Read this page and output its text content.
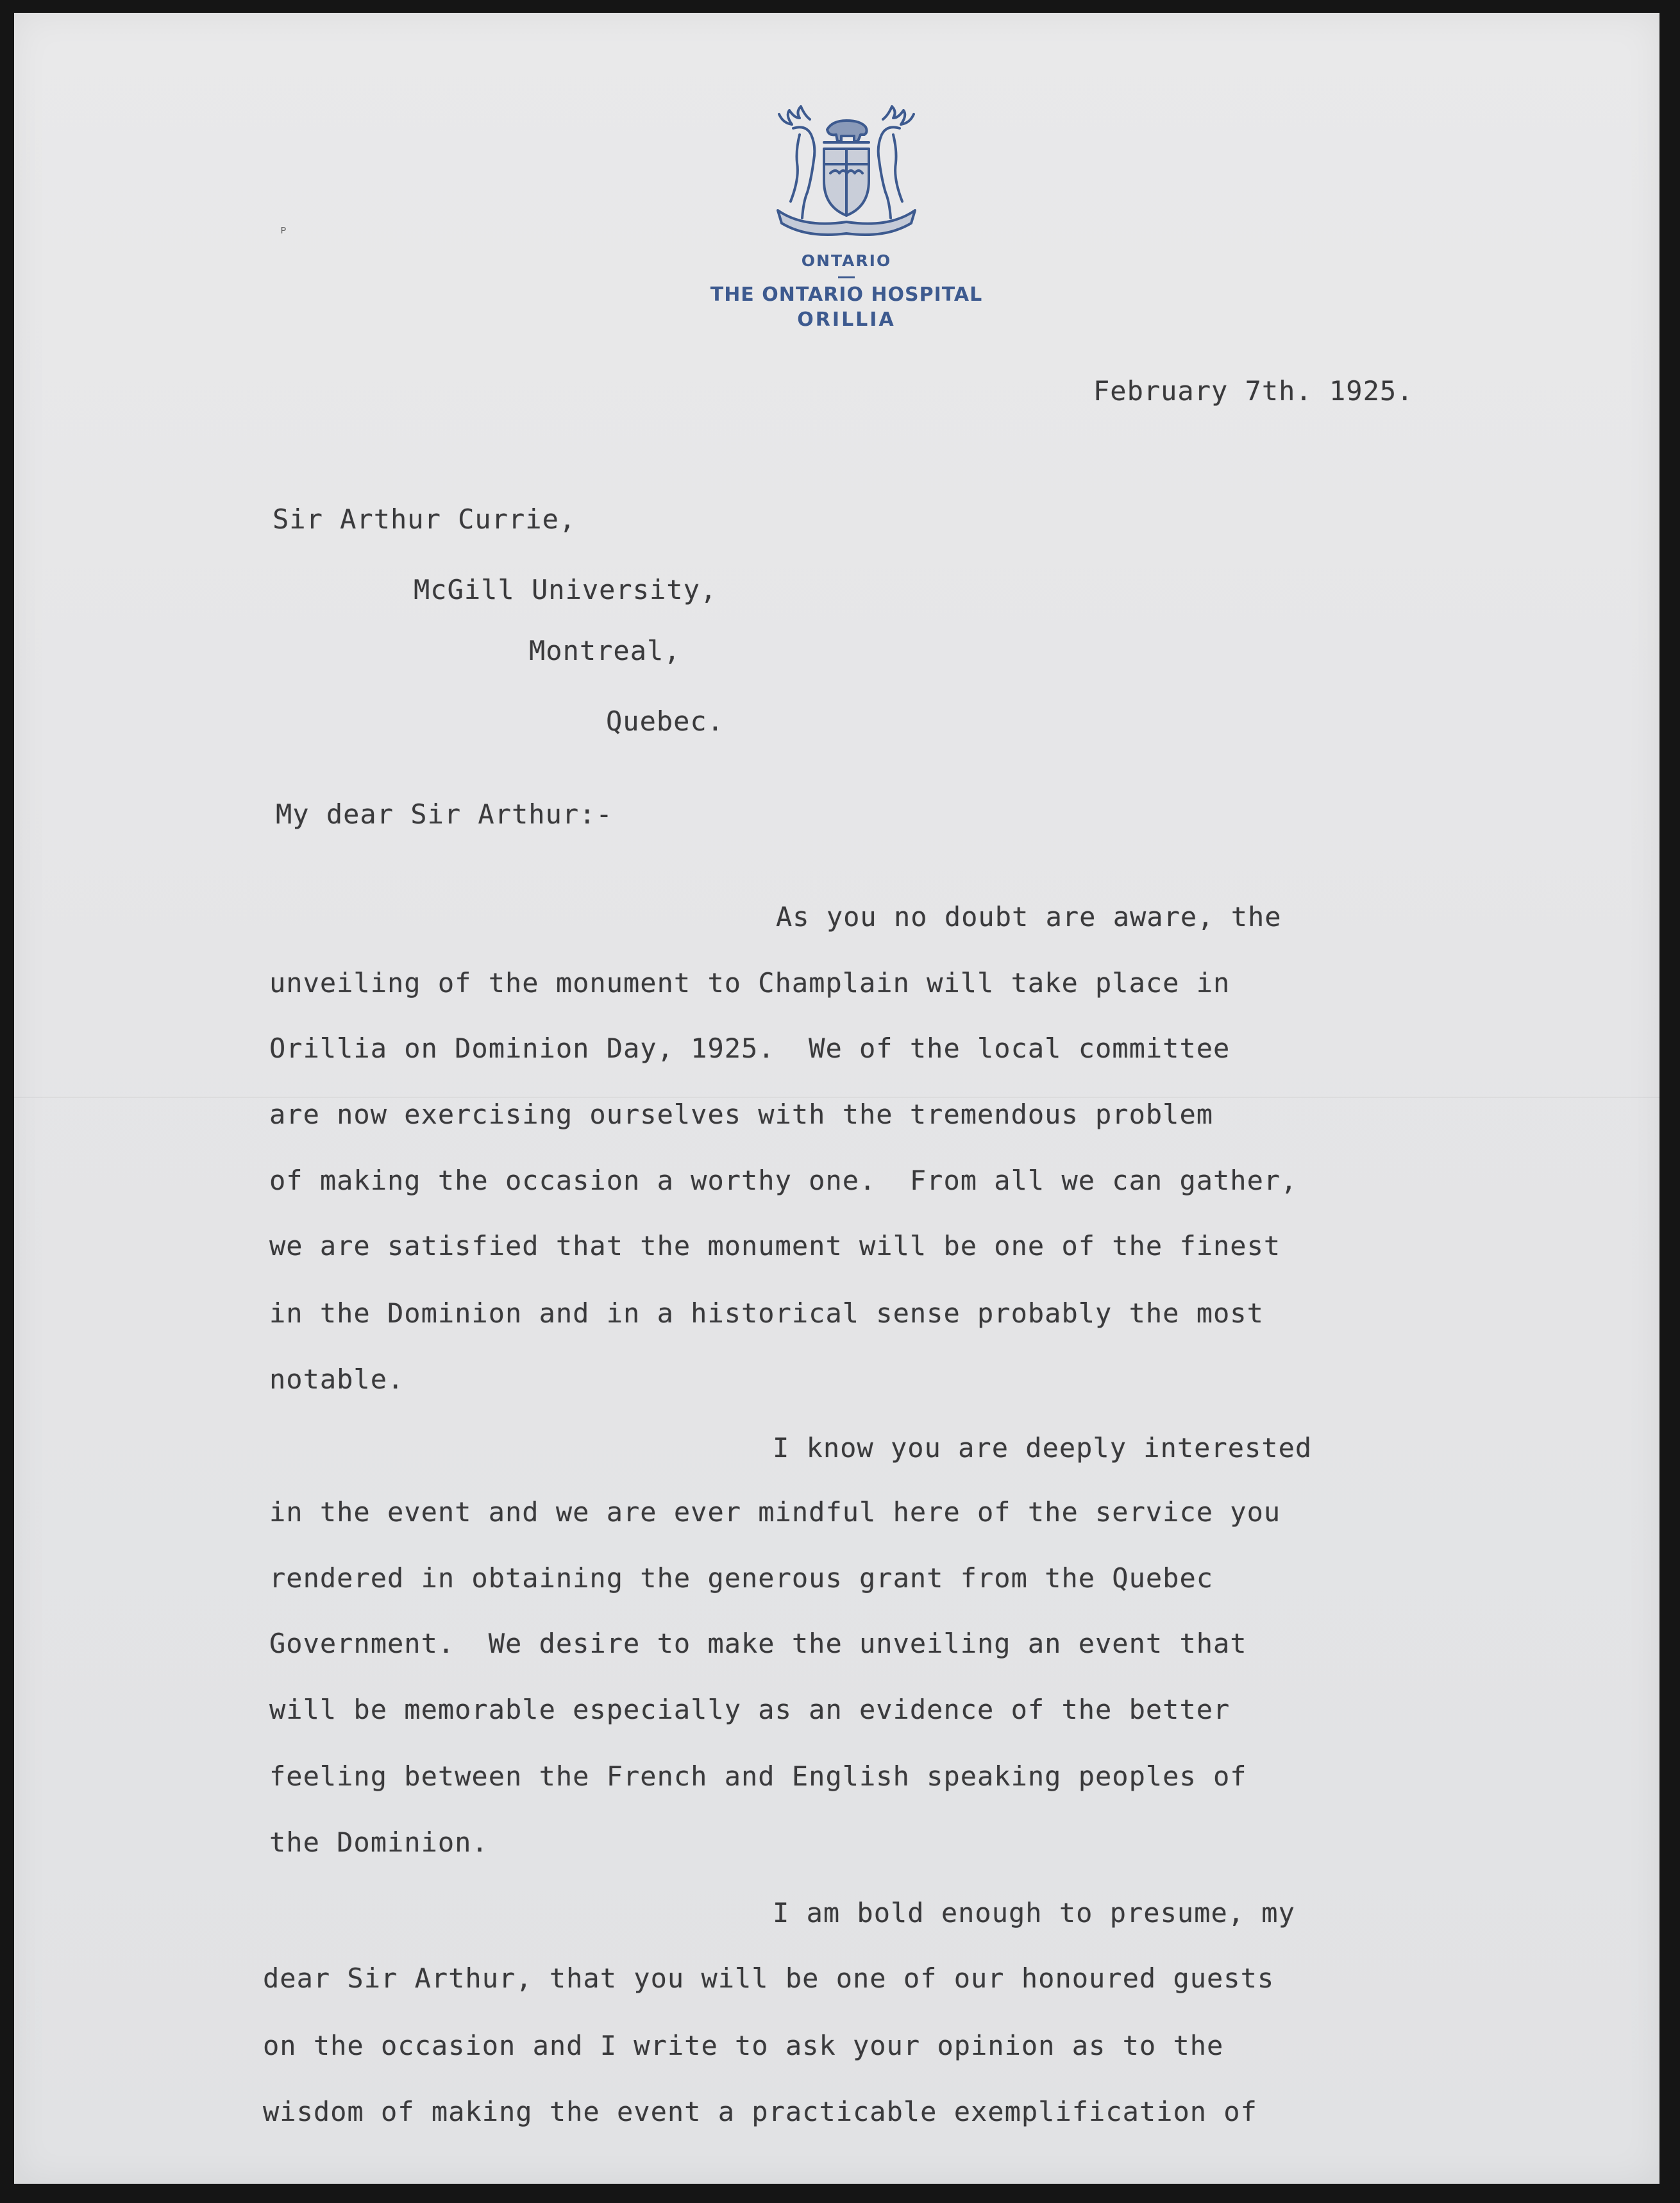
ᴾ
ONTARIO
THE ONTARIO HOSPITAL
ORILLIA
February 7th. 1925.
Sir Arthur Currie,
McGill University,
Montreal,
Quebec.
My dear Sir Arthur:-
As you no doubt are aware, the
unveiling of the monument to Champlain will take place in
Orillia on Dominion Day, 1925.  We of the local committee
are now exercising ourselves with the tremendous problem
of making the occasion a worthy one.  From all we can gather,
we are satisfied that the monument will be one of the finest
in the Dominion and in a historical sense probably the most
notable.
I know you are deeply interested
in the event and we are ever mindful here of the service you
rendered in obtaining the generous grant from the Quebec
Government.  We desire to make the unveiling an event that
will be memorable especially as an evidence of the better
feeling between the French and English speaking peoples of
the Dominion.
I am bold enough to presume, my
dear Sir Arthur, that you will be one of our honoured guests
on the occasion and I write to ask your opinion as to the
wisdom of making the event a practicable exemplification of
